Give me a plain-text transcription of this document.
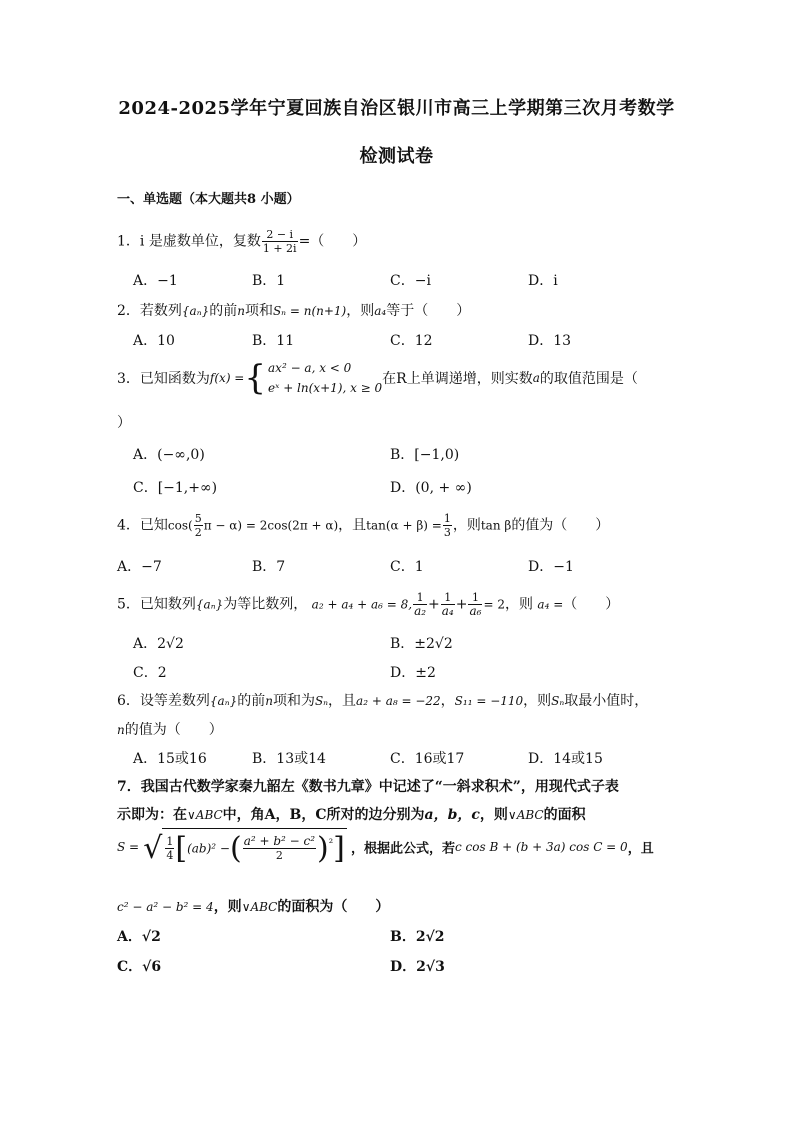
2024-2025学年宁夏回族自治区银川市高三上学期第三次月考数学
检测试卷
一、单选题（本大题共8 小题）
1．i 是虚数单位，复数 $\frac{2 - i}{1 + 2i}$ =（　　）
A．−1	B．1	C．−i	D．i
2．若数列{aₙ}的前n项和Sₙ = n(n+1)，则a₄等于（　　）
A．10	B．11	C．12	D．13
3．已知函数为f(x) ={ ax² − a, x < 0
eˣ + ln(x+1), x ≥ 0
在R上单调递增，则实数a的取值范围是（
）
A．(−∞,0)	B．[−1,0)
C．[−1,+∞)	D．(0, + ∞)
4．已知$\cos( \frac{5}{2}$ π − α) = 2cos(2π + α)，且$\tan(\alpha + \beta) = \frac{1}{3}$ ，则tan β的值为（　　）
A．−7	B．7	C．1	D．−1
5．已知数列{aₙ}为等比数列， a₂ + a₄ + a₆ = 8, $\frac{1}{\text{a₂}} + \frac{1}{\text{a₄}} + \frac{1}{\text{a₆}} = 2$，则 a₄ =（　　）
A．2√2	B．±2√2
C．2	D．±2
6．设等差数列{aₙ}的前n项和为Sₙ，且a₂ + a₈ = −22，S₁₁ = −110，则Sₙ取最小值时，
n的值为（　　）
A．15或16	B．13或14	C．16或17	D．14或15
7．我国古代数学家秦九韶左《数书九章》中记述了“一斜求积术”，用现代式子表
示即为：在∨ABC中，角A，B，C所对的边分别为a，b，c，则∨ABC的面积
S = √ $\frac{1}{4} [(ab)^2$ −( $\frac{\text{a² + b² − c²}}{2} )^{^2}$] ，根据此公式，若c cos B + (b + 3a) cos C = 0，且
c² − a² − b² = 4，则∨ABC的面积为（　　）
A．√2	B．2√2
C．√6	D．2√3
